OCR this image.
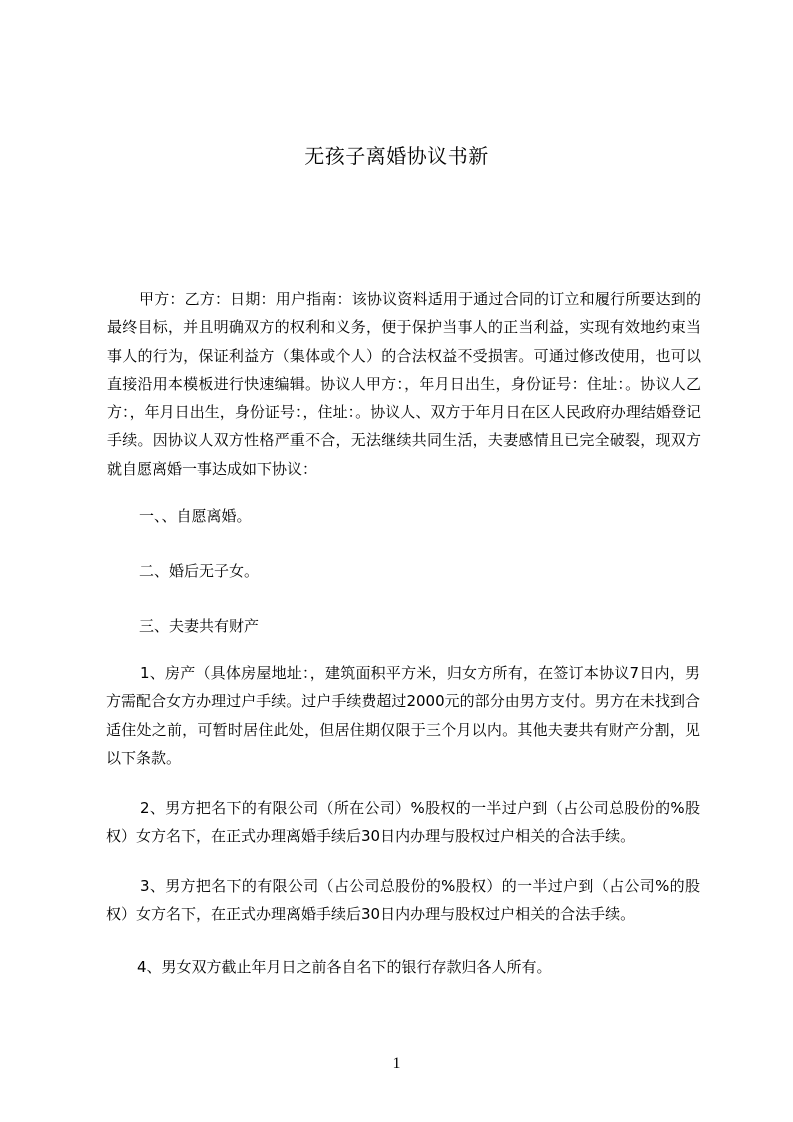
无孩子离婚协议书新

甲方：乙方：日期：用户指南：该协议资料适用于通过合同的订立和履行所要达到的最终目标，并且明确双方的权利和义务，便于保护当事人的正当利益，实现有效地约束当事人的行为，保证利益方（集体或个人）的合法权益不受损害。可通过修改使用，也可以直接沿用本模板进行快速编辑。协议人甲方：，年月日出生，身份证号：住址：。协议人乙方：，年月日出生，身份证号：，住址：。协议人、双方于年月日在区人民政府办理结婚登记手续。因协议人双方性格严重不合，无法继续共同生活，夫妻感情且已完全破裂，现双方就自愿离婚一事达成如下协议：

一、、自愿离婚。

二、婚后无子女。

三、夫妻共有财产

1、房产（具体房屋地址：，建筑面积平方米，归女方所有，在签订本协议7日内，男方需配合女方办理过户手续。过户手续费超过2000元的部分由男方支付。男方在未找到合适住处之前，可暂时居住此处，但居住期仅限于三个月以内。其他夫妻共有财产分割，见以下条款。

2、男方把名下的有限公司（所在公司）%股权的一半过户到（占公司总股份的%股权）女方名下，在正式办理离婚手续后30日内办理与股权过户相关的合法手续。

3、男方把名下的有限公司（占公司总股份的%股权）的一半过户到（占公司%的股权）女方名下，在正式办理离婚手续后30日内办理与股权过户相关的合法手续。

4、男女双方截止年月日之前各自名下的银行存款归各人所有。

1
